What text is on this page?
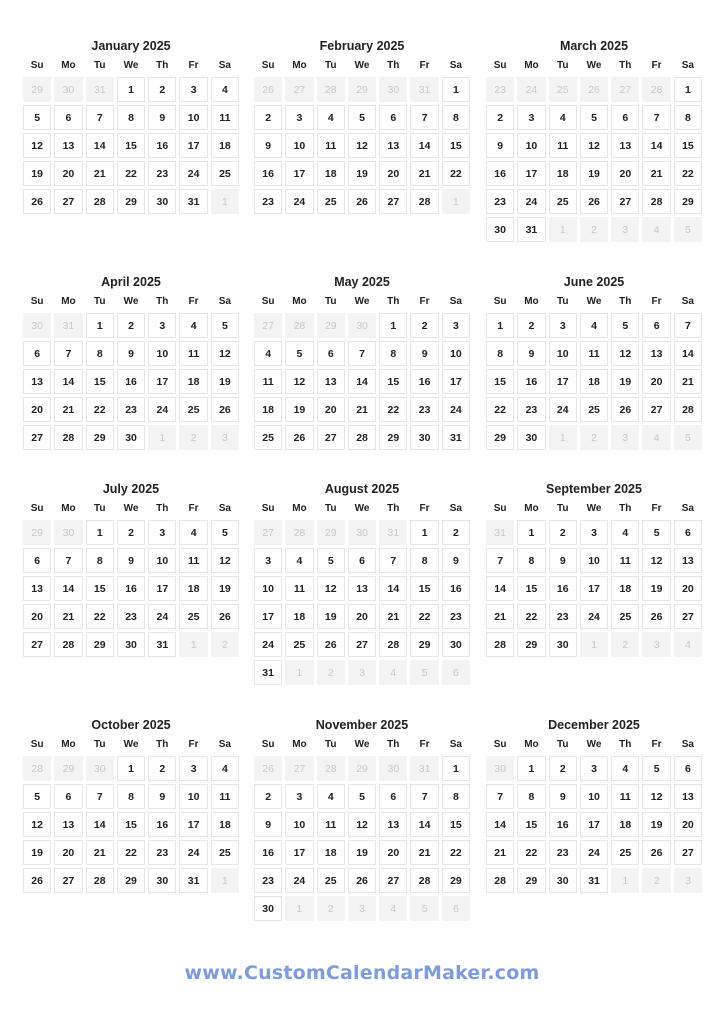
January 2025
Su	Mo	Tu	We	Th	Fr	Sa
29	30	31	1	2	3	4
5	6	7	8	9	10	11
12	13	14	15	16	17	18
19	20	21	22	23	24	25
26	27	28	29	30	31	1
February 2025
Su	Mo	Tu	We	Th	Fr	Sa
26	27	28	29	30	31	1
2	3	4	5	6	7	8
9	10	11	12	13	14	15
16	17	18	19	20	21	22
23	24	25	26	27	28	1
March 2025
Su	Mo	Tu	We	Th	Fr	Sa
23	24	25	26	27	28	1
2	3	4	5	6	7	8
9	10	11	12	13	14	15
16	17	18	19	20	21	22
23	24	25	26	27	28	29
30	31	1	2	3	4	5
April 2025
Su	Mo	Tu	We	Th	Fr	Sa
30	31	1	2	3	4	5
6	7	8	9	10	11	12
13	14	15	16	17	18	19
20	21	22	23	24	25	26
27	28	29	30	1	2	3
May 2025
Su	Mo	Tu	We	Th	Fr	Sa
27	28	29	30	1	2	3
4	5	6	7	8	9	10
11	12	13	14	15	16	17
18	19	20	21	22	23	24
25	26	27	28	29	30	31
June 2025
Su	Mo	Tu	We	Th	Fr	Sa
1	2	3	4	5	6	7
8	9	10	11	12	13	14
15	16	17	18	19	20	21
22	23	24	25	26	27	28
29	30	1	2	3	4	5
July 2025
Su	Mo	Tu	We	Th	Fr	Sa
29	30	1	2	3	4	5
6	7	8	9	10	11	12
13	14	15	16	17	18	19
20	21	22	23	24	25	26
27	28	29	30	31	1	2
August 2025
Su	Mo	Tu	We	Th	Fr	Sa
27	28	29	30	31	1	2
3	4	5	6	7	8	9
10	11	12	13	14	15	16
17	18	19	20	21	22	23
24	25	26	27	28	29	30
31	1	2	3	4	5	6
September 2025
Su	Mo	Tu	We	Th	Fr	Sa
31	1	2	3	4	5	6
7	8	9	10	11	12	13
14	15	16	17	18	19	20
21	22	23	24	25	26	27
28	29	30	1	2	3	4
October 2025
Su	Mo	Tu	We	Th	Fr	Sa
28	29	30	1	2	3	4
5	6	7	8	9	10	11
12	13	14	15	16	17	18
19	20	21	22	23	24	25
26	27	28	29	30	31	1
November 2025
Su	Mo	Tu	We	Th	Fr	Sa
26	27	28	29	30	31	1
2	3	4	5	6	7	8
9	10	11	12	13	14	15
16	17	18	19	20	21	22
23	24	25	26	27	28	29
30	1	2	3	4	5	6
December 2025
Su	Mo	Tu	We	Th	Fr	Sa
30	1	2	3	4	5	6
7	8	9	10	11	12	13
14	15	16	17	18	19	20
21	22	23	24	25	26	27
28	29	30	31	1	2	3
www.CustomCalendarMaker.com
